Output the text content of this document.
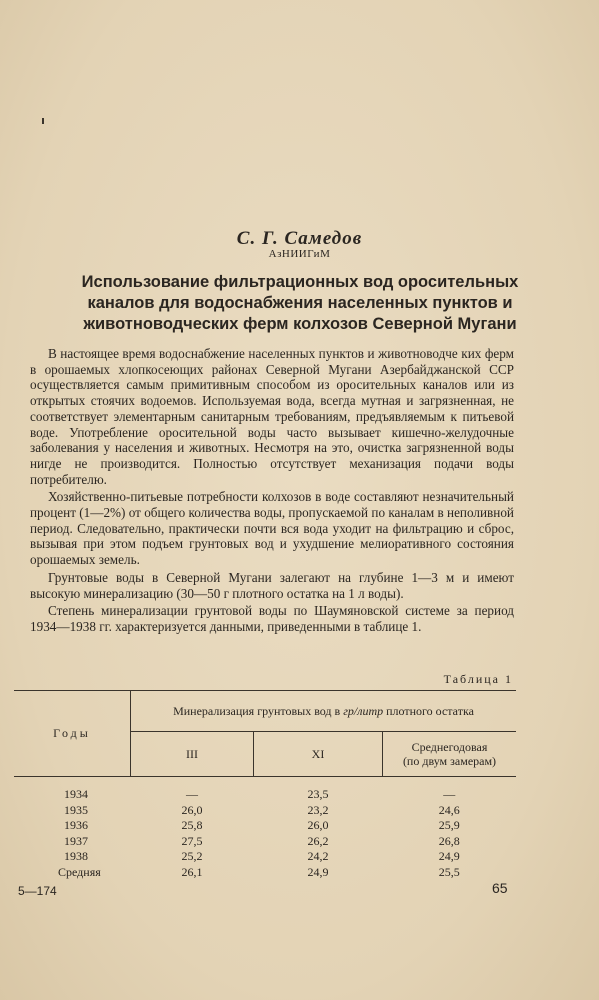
С. Г. Самедов
АзНИИГиМ
Использование фильтрационных вод оросительных
каналов для водоснабжения населенных пунктов и
животноводческих ферм колхозов Северной Мугани

В настоящее время водоснабжение населенных пунктов и животноводче ких ферм в орошаемых хлопкосеющих районах Северной Мугани Азербайджанской ССР осуществляется самым примитивным способом из оросительных каналов или из открытых стоячих водоемов. Используемая вода, всегда мутная и загрязненная, не соответствует элементарным санитарным требованиям, предъявляемым к питьевой воде. Употребление оросительной воды часто вызывает кишечно-желудочные заболевания у населения и животных. Несмотря на это, очистка загрязненной воды нигде не производится. Полностью отсутствует механизация подачи воды потребителю.

Хозяйственно-питьевые потребности колхозов в воде составляют незначительный процент (1—2%) от общего количества воды, пропускаемой по каналам в неполивной период. Следовательно, практически почти вся вода уходит на фильтрацию и сброс, вызывая при этом подъем грунтовых вод и ухудшение мелиоративного состояния орошаемых земель.

Грунтовые воды в Северной Мугани залегают на глубине 1—3 м и имеют высокую минерализацию (30—50 г плотного остатка на 1 л воды).

Степень минерализации грунтовой воды по Шаумяновской системе за период 1934—1938 гг. характеризуется данными, приведенными в таблице 1.

Таблица 1
Годы	Минерализация грунтовых вод в гр/литр плотного остатка		
	III	XI	Среднегодовая
(по двум замерам)
1934	—	23,5	—
1935	26,0	23,2	24,6
1936	25,8	26,0	25,9
1937	27,5	26,2	26,8
1938	25,2	24,2	24,9
Средняя	26,1	24,9	25,5
5—174	65
